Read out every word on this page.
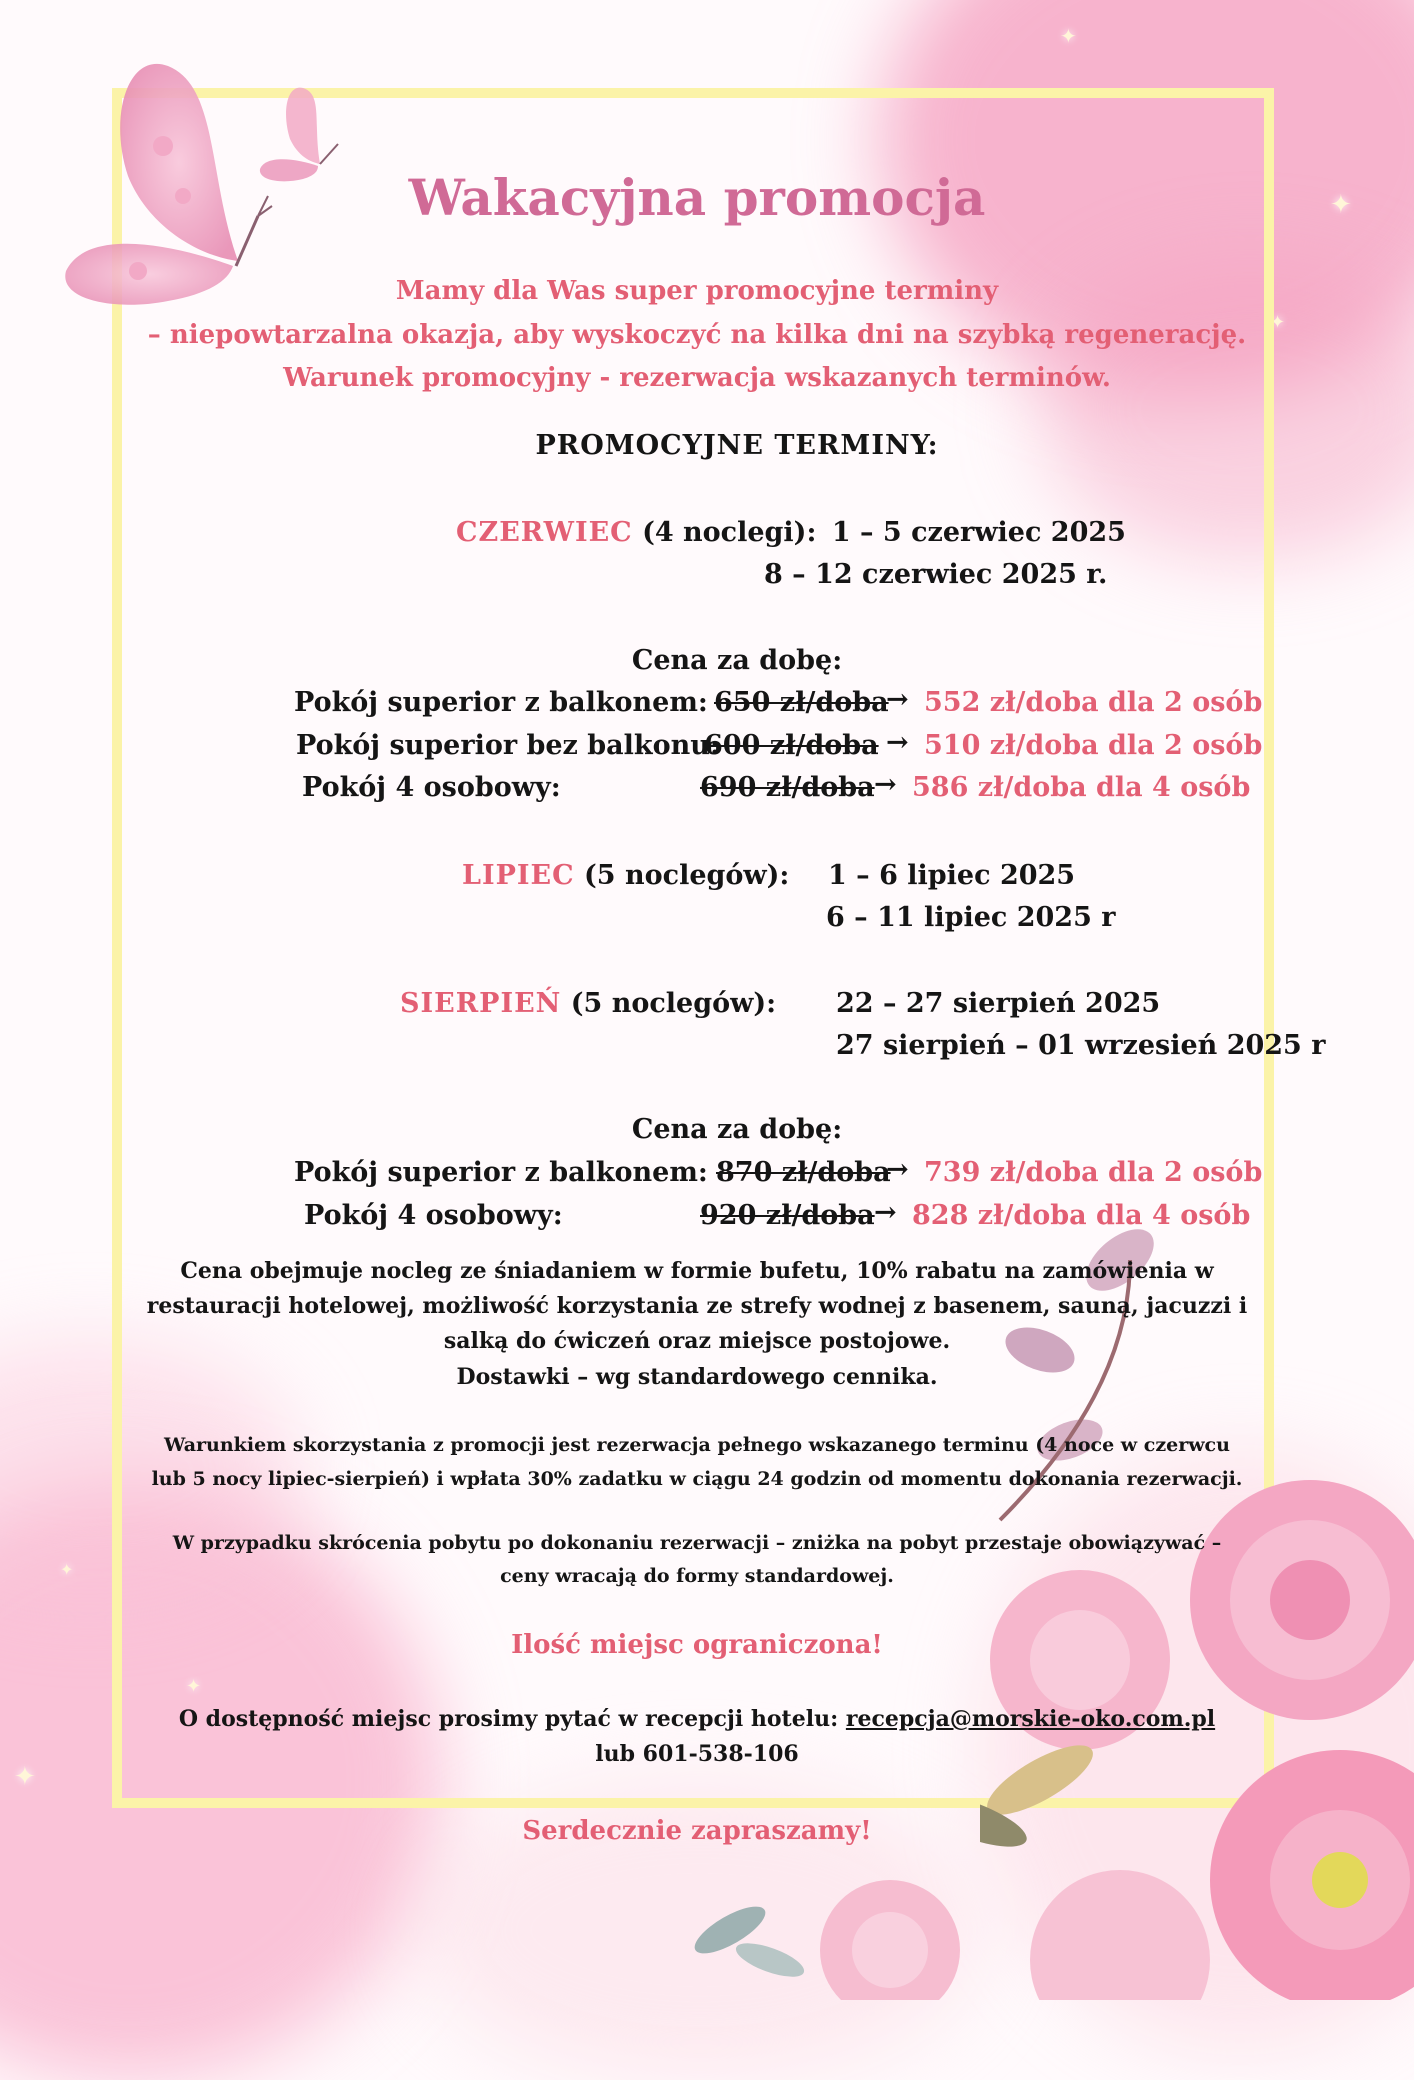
✦
✦
✦
✦
✦
✦
Wakacyjna promocja
Mamy dla Was super promocyjne terminy
– niepowtarzalna okazja, aby wyskoczyć na kilka dni na szybką regenerację.
Warunek promocyjny - rezerwacja wskazanych terminów.
PROMOCYJNE TERMINY:
CZERWIEC (4 noclegi): 1 – 5 czerwiec 2025
8 – 12 czerwiec 2025 r.
Cena za dobę:
Pokój superior z balkonem: 650 zł/doba
→ 552 zł/doba dla 2 osób
Pokój superior bez balkonu:
600 zł/doba → 510 zł/doba dla 2 osób
Pokój 4 osobowy:	690 zł/doba → 586 zł/doba dla 4 osób
LIPIEC (5 noclegów): 1 – 6 lipiec 2025
6 – 11 lipiec 2025 r
SIERPIEŃ (5 noclegów): 22 – 27 sierpień 2025
27 sierpień – 01 wrzesień 2025 r
Cena za dobę:
Pokój superior z balkonem: 870 zł/doba
→ 739 zł/doba dla 2 osób
Pokój 4 osobowy:	920 zł/doba → 828 zł/doba dla 4 osób
Cena obejmuje nocleg ze śniadaniem w formie bufetu, 10% rabatu na zamówienia w
restauracji hotelowej, możliwość korzystania ze strefy wodnej z basenem, sauną, jacuzzi i
salką do ćwiczeń oraz miejsce postojowe.
Dostawki – wg standardowego cennika.
Warunkiem skorzystania z promocji jest rezerwacja pełnego wskazanego terminu (4 noce w czerwcu
lub 5 nocy lipiec-sierpień) i wpłata 30% zadatku w ciągu 24 godzin od momentu dokonania rezerwacji.
W przypadku skrócenia pobytu po dokonaniu rezerwacji – zniżka na pobyt przestaje obowiązywać –
ceny wracają do formy standardowej.
Ilość miejsc ograniczona!
O dostępność miejsc prosimy pytać w recepcji hotelu: recepcja@morskie-oko.com.pl
lub 601-538-106
Serdecznie zapraszamy!
